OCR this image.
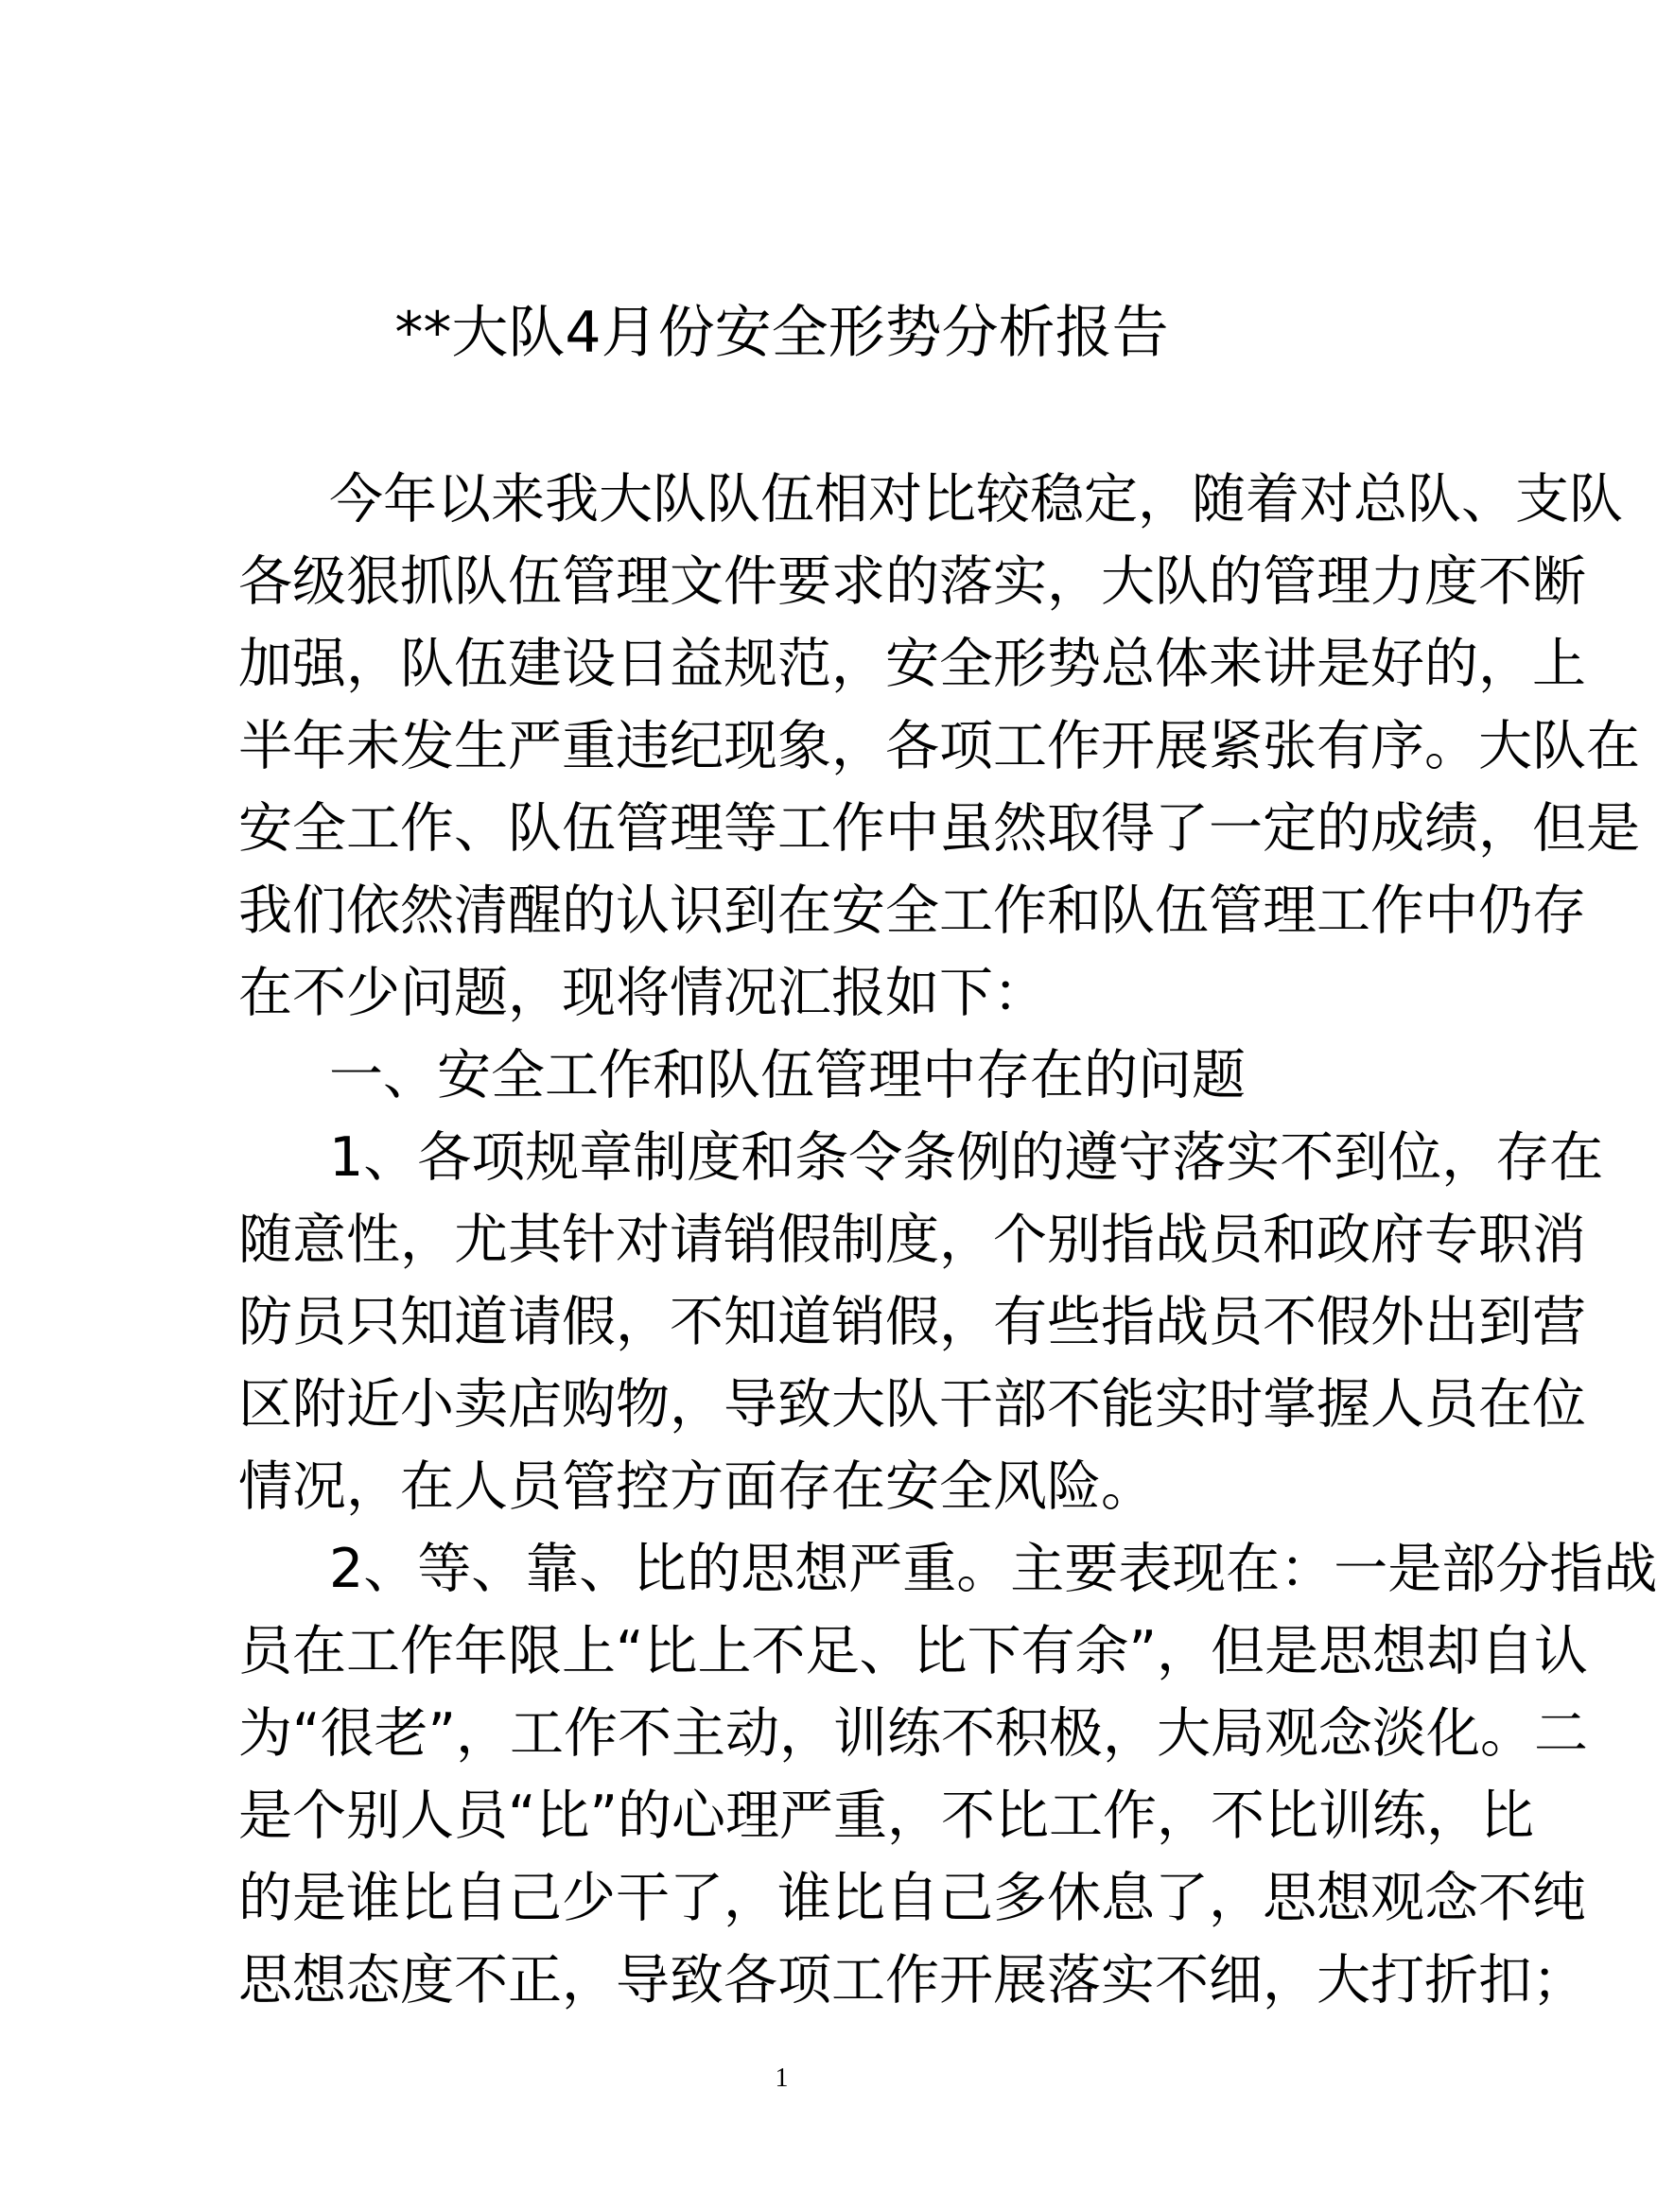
**大队4月份安全形势分析报告
今年以来我大队队伍相对比较稳定，随着对总队、支队
各级狠抓队伍管理文件要求的落实，大队的管理力度不断
加强，队伍建设日益规范，安全形势总体来讲是好的，上
半年未发生严重违纪现象，各项工作开展紧张有序。大队在
安全工作、队伍管理等工作中虽然取得了一定的成绩，但是
我们依然清醒的认识到在安全工作和队伍管理工作中仍存
在不少问题，现将情况汇报如下：
一、安全工作和队伍管理中存在的问题
1、各项规章制度和条令条例的遵守落实不到位，存在
随意性，尤其针对请销假制度，个别指战员和政府专职消
防员只知道请假，不知道销假，有些指战员不假外出到营
区附近小卖店购物，导致大队干部不能实时掌握人员在位
情况，在人员管控方面存在安全风险。
2、等、靠、比的思想严重。主要表现在：一是部分指战
员在工作年限上“比上不足、比下有余”，但是思想却自认
为“很老”，工作不主动，训练不积极，大局观念淡化。二
是个别人员“比”的心理严重，不比工作，不比训练，比
的是谁比自己少干了，谁比自己多休息了，思想观念不纯
思想态度不正，导致各项工作开展落实不细，大打折扣；
1
